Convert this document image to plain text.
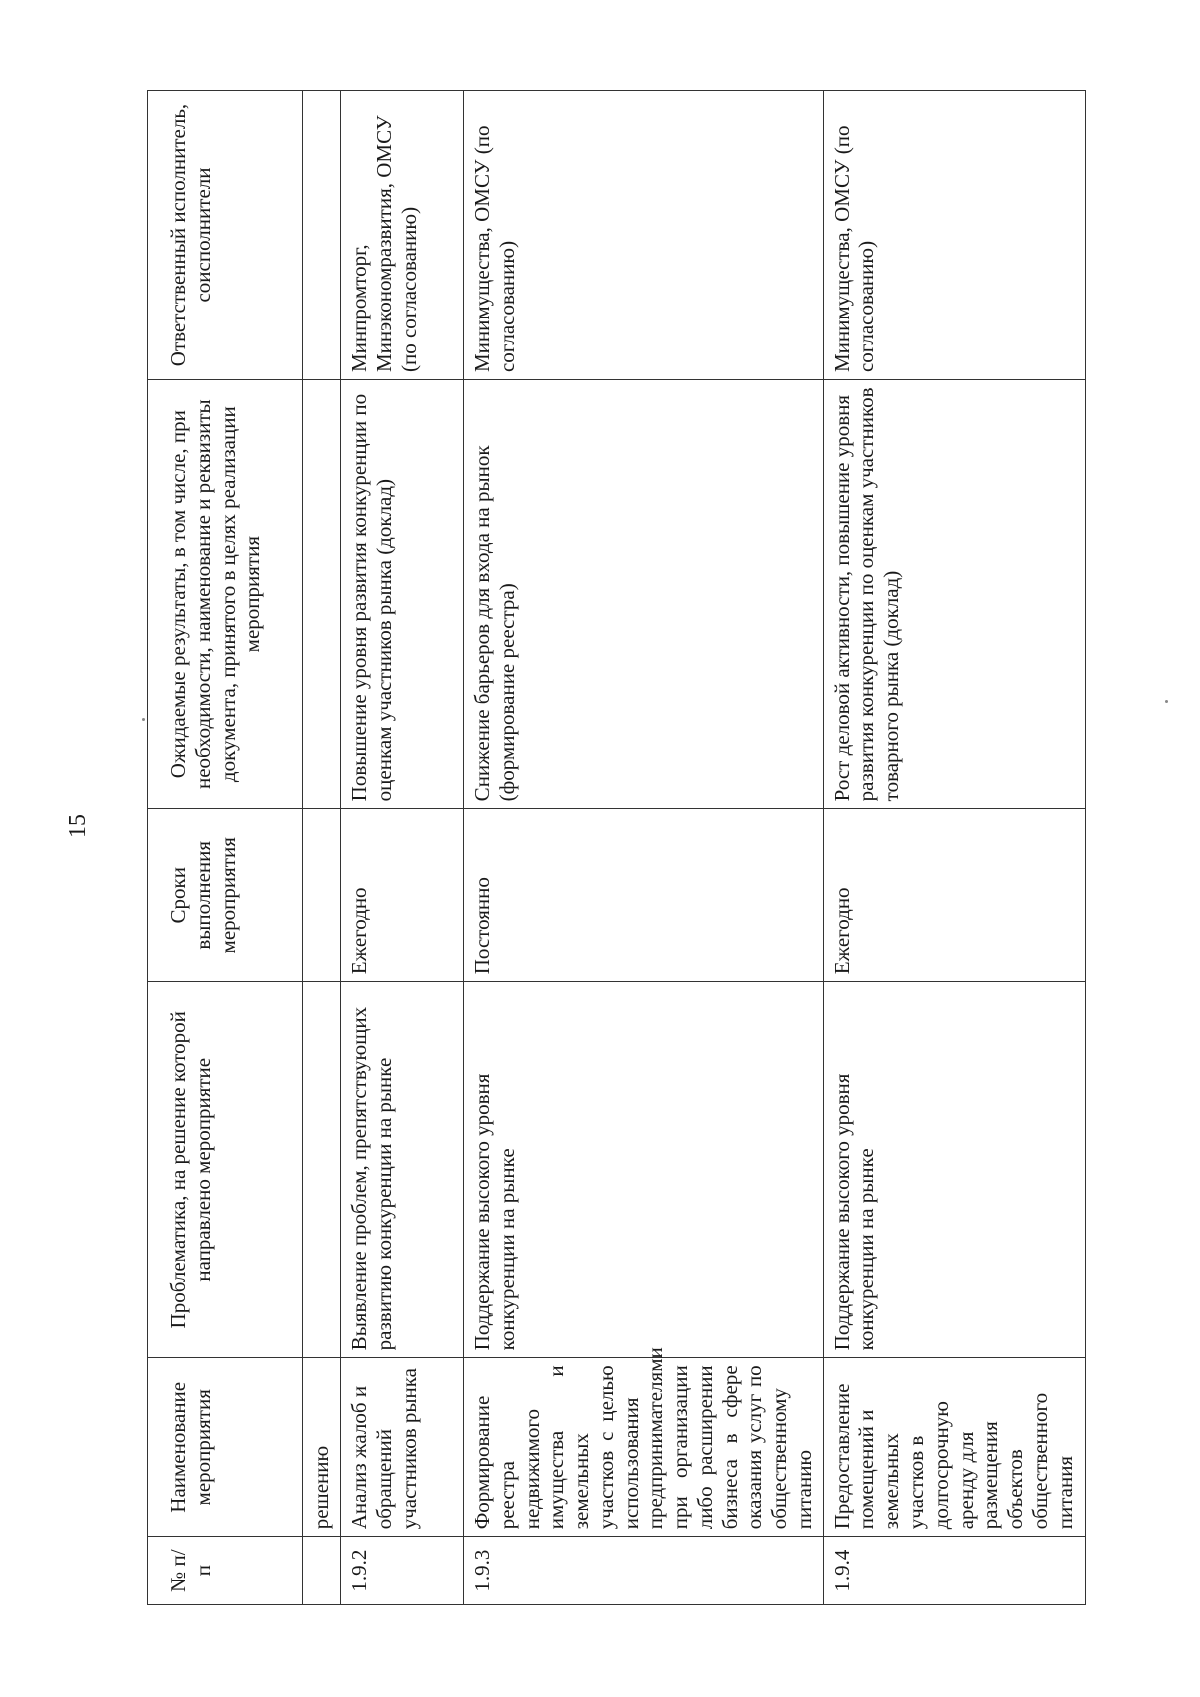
15
№ п/п	Наименование мероприятия	Проблематика, на решение которой направлено мероприятие	Сроки выполнения мероприятия	Ожидаемые результаты, в том числе, при необходимости, наименование и реквизиты документа, принятого в целях реализации мероприятия	Ответственный исполнитель, соисполнители
	решению				
1.9.2	Анализ жалоб и обращений участников рынка	Выявление проблем, препятствующих развитию конкуренции на рынке	Ежегодно	Повышение уровня развития конкуренции по оценкам участников рынка (доклад)	Минпромторг, Минэкономразвития, ОМСУ (по согласованию)
1.9.3	Формирование реестра недвижимого имущества и земельных участков с целью использования предпринимателями при организации либо расширении бизнеса в сфере оказания услуг по общественному питанию	Поддержание высокого уровня конкуренции на рынке	Постоянно	Снижение барьеров для входа на рынок (формирование реестра)	Минимущества, ОМСУ (по согласованию)
1.9.4	Предоставление помещений и земельных участков в долгосрочную аренду для размещения объектов общественного питания	Поддержание высокого уровня конкуренции на рынке	Ежегодно	Рост деловой активности, повышение уровня развития конкуренции по оценкам участников товарного рынка (доклад)	Минимущества, ОМСУ (по согласованию)
